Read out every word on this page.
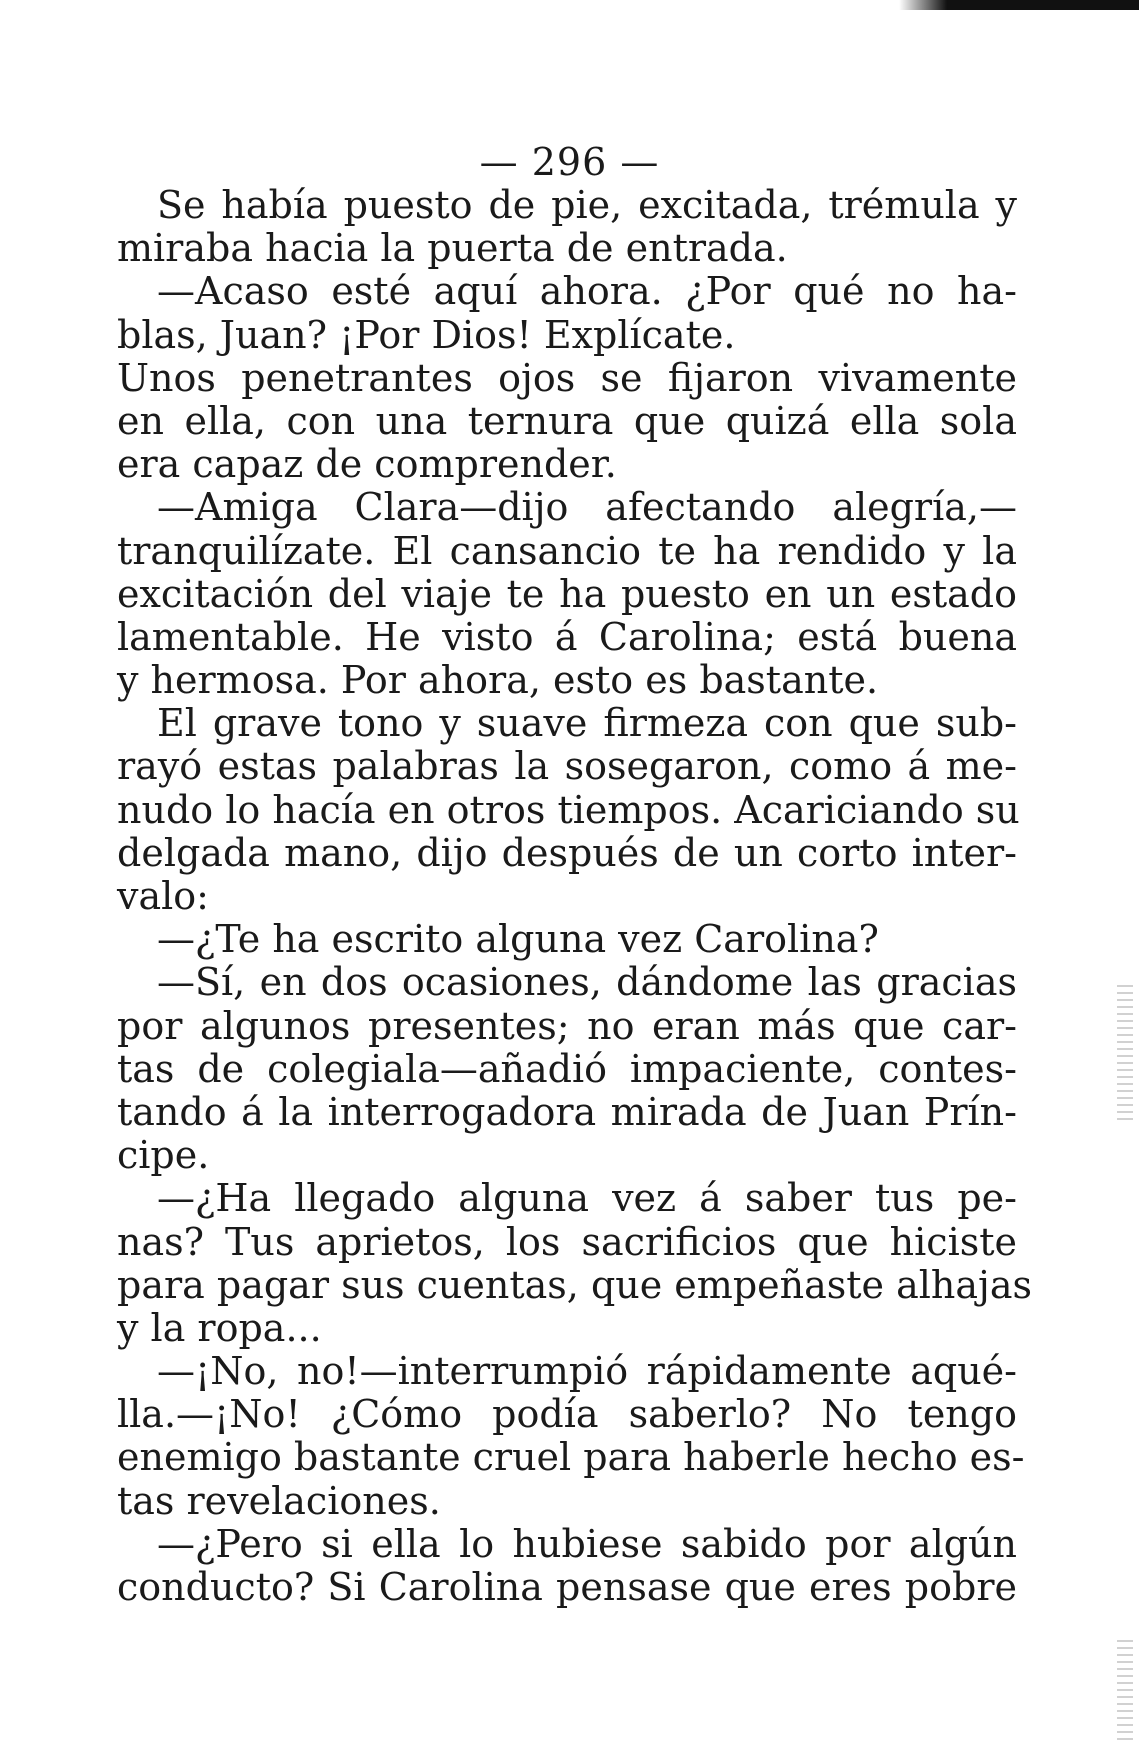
— 296 —
Se había puesto de pie, excitada, trémula y
miraba hacia la puerta de entrada.
—Acaso esté aquí ahora. ¿Por qué no ha-
blas, Juan? ¡Por Dios! Explícate.
Unos penetrantes ojos se fijaron vivamente
en ella, con una ternura que quizá ella sola
era capaz de comprender.
—Amiga Clara—dijo afectando alegría,—
tranquilízate. El cansancio te ha rendido y la
excitación del viaje te ha puesto en un estado
lamentable. He visto á Carolina; está buena
y hermosa. Por ahora, esto es bastante.
El grave tono y suave firmeza con que sub-
rayó estas palabras la sosegaron, como á me-
nudo lo hacía en otros tiempos. Acariciando su
delgada mano, dijo después de un corto inter-
valo:
—¿Te ha escrito alguna vez Carolina?
—Sí, en dos ocasiones, dándome las gracias
por algunos presentes; no eran más que car-
tas de colegiala—añadió impaciente, contes-
tando á la interrogadora mirada de Juan Prín-
cipe.
—¿Ha llegado alguna vez á saber tus pe-
nas? Tus aprietos, los sacrificios que hiciste
para pagar sus cuentas, que empeñaste alhajas
y la ropa...
—¡No, no!—interrumpió rápidamente aqué-
lla.—¡No! ¿Cómo podía saberlo? No tengo
enemigo bastante cruel para haberle hecho es-
tas revelaciones.
—¿Pero si ella lo hubiese sabido por algún
conducto? Si Carolina pensase que eres pobre
